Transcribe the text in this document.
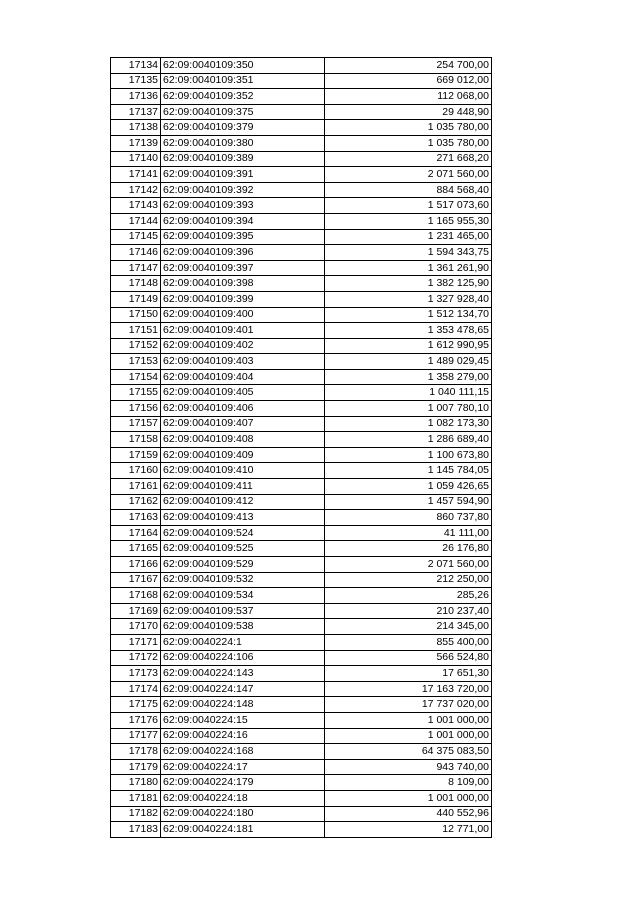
17134	62:09:0040109:350	254 700,00
17135	62:09:0040109:351	669 012,00
17136	62:09:0040109:352	112 068,00
17137	62:09:0040109:375	29 448,90
17138	62:09:0040109:379	1 035 780,00
17139	62:09:0040109:380	1 035 780,00
17140	62:09:0040109:389	271 668,20
17141	62:09:0040109:391	2 071 560,00
17142	62:09:0040109:392	884 568,40
17143	62:09:0040109:393	1 517 073,60
17144	62:09:0040109:394	1 165 955,30
17145	62:09:0040109:395	1 231 465,00
17146	62:09:0040109:396	1 594 343,75
17147	62:09:0040109:397	1 361 261,90
17148	62:09:0040109:398	1 382 125,90
17149	62:09:0040109:399	1 327 928,40
17150	62:09:0040109:400	1 512 134,70
17151	62:09:0040109:401	1 353 478,65
17152	62:09:0040109:402	1 612 990,95
17153	62:09:0040109:403	1 489 029,45
17154	62:09:0040109:404	1 358 279,00
17155	62:09:0040109:405	1 040 111,15
17156	62:09:0040109:406	1 007 780,10
17157	62:09:0040109:407	1 082 173,30
17158	62:09:0040109:408	1 286 689,40
17159	62:09:0040109:409	1 100 673,80
17160	62:09:0040109:410	1 145 784,05
17161	62:09:0040109:411	1 059 426,65
17162	62:09:0040109:412	1 457 594,90
17163	62:09:0040109:413	860 737,80
17164	62:09:0040109:524	41 111,00
17165	62:09:0040109:525	26 176,80
17166	62:09:0040109:529	2 071 560,00
17167	62:09:0040109:532	212 250,00
17168	62:09:0040109:534	285,26
17169	62:09:0040109:537	210 237,40
17170	62:09:0040109:538	214 345,00
17171	62:09:0040224:1	855 400,00
17172	62:09:0040224:106	566 524,80
17173	62:09:0040224:143	17 651,30
17174	62:09:0040224:147	17 163 720,00
17175	62:09:0040224:148	17 737 020,00
17176	62:09:0040224:15	1 001 000,00
17177	62:09:0040224:16	1 001 000,00
17178	62:09:0040224:168	64 375 083,50
17179	62:09:0040224:17	943 740,00
17180	62:09:0040224:179	8 109,00
17181	62:09:0040224:18	1 001 000,00
17182	62:09:0040224:180	440 552,96
17183	62:09:0040224:181	12 771,00
